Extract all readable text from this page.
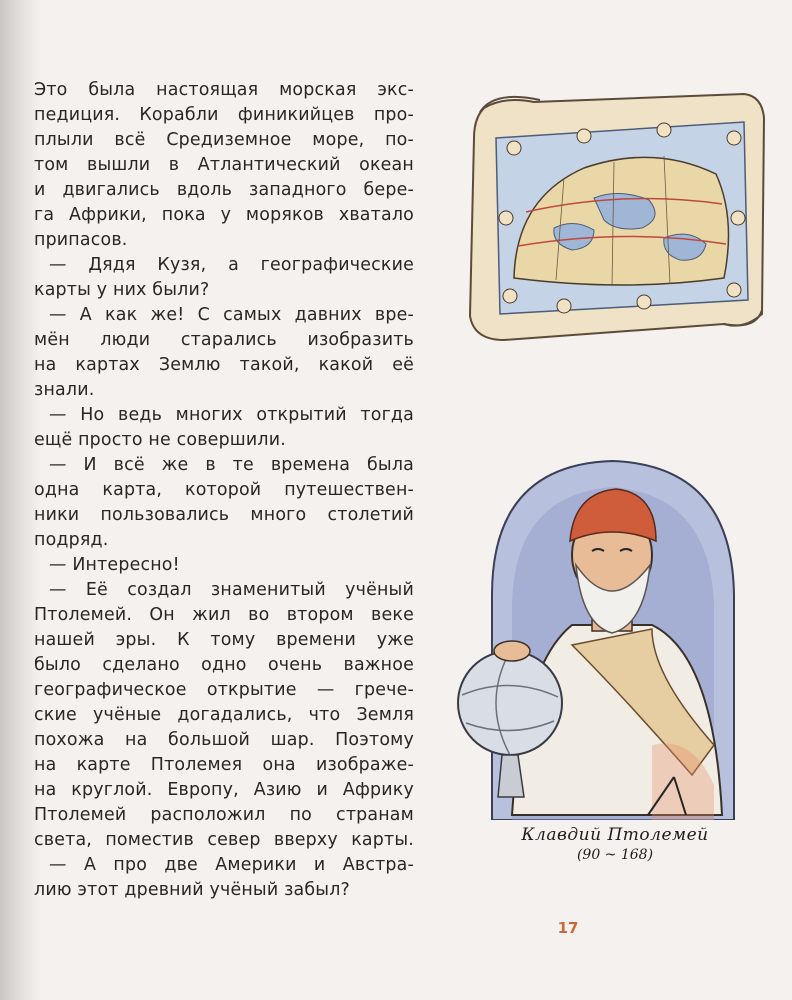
Это была настоящая морская экс-
педиция. Корабли финикийцев про-
плыли всё Средиземное море, по-
том вышли в Атлантический океан
и двигались вдоль западного бере-
га Африки, пока у моряков хватало
припасов.
— Дядя Кузя, а географические
карты у них были?
— А как же! С самых давних вре-
мён люди старались изобразить
на картах Землю такой, какой её
знали.
— Но ведь многих открытий тогда
ещё просто не совершили.
— И всё же в те времена была
одна карта, которой путешествен-
ники пользовались много столетий
подряд.
— Интересно!
— Её создал знаменитый учёный
Птолемей. Он жил во втором веке
нашей эры. К тому времени уже
было сделано одно очень важное
географическое открытие — грече-
ские учёные догадались, что Земля
похожа на большой шар. Поэтому
на карте Птолемея она изображе-
на круглой. Европу, Азию и Африку
Птолемей расположил по странам
света, поместив север вверху карты.
— А про две Америки и Австра-
лию этот древний учёный забыл?
Клавдий Птолемей
(90 ~ 168)
17
